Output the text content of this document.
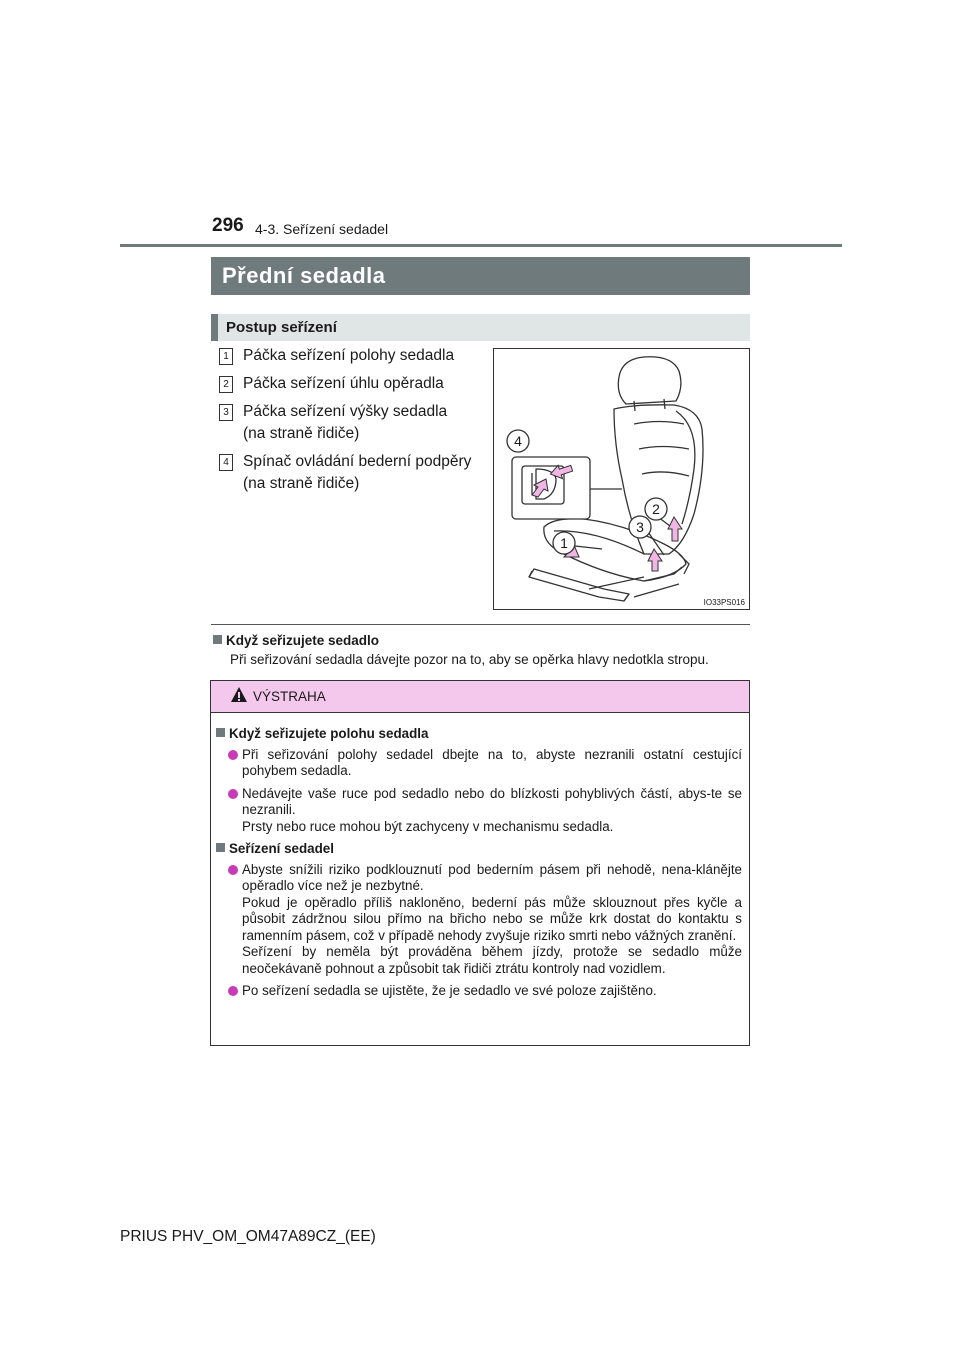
296 4-3. Seřízení sedadel
Přední sedadla
Postup seřízení
1 Páčka seřízení polohy sedadla
2 Páčka seřízení úhlu opěradla
3 Páčka seřízení výšky sedadla
(na straně řidiče)
4 Spínač ovládání bederní podpěry
(na straně řidiče)
4
1
2
3
IO33PS016
Když seřizujete sedadlo
Při seřizování sedadla dávejte pozor na to, aby se opěrka hlavy nedotkla stropu.
VÝSTRAHA
Když seřizujete polohu sedadla
Při seřizování polohy sedadel dbejte na to, abyste nezranili ostatní cestující pohybem sedadla.
Nedávejte vaše ruce pod sedadlo nebo do blízkosti pohyblivých částí, abys-te se nezranili.
Prsty nebo ruce mohou být zachyceny v mechanismu sedadla.
Seřízení sedadel
Abyste snížili riziko podklouznutí pod bederním pásem při nehodě, nena-klánějte opěradlo více než je nezbytné.
Pokud je opěradlo příliš nakloněno, bederní pás může sklouznout přes kyčle a působit zádržnou silou přímo na břicho nebo se může krk dostat do kontaktu s ramenním pásem, což v případě nehody zvyšuje riziko smrti nebo vážných zranění.
Seřízení by neměla být prováděna během jízdy, protože se sedadlo může neočekávaně pohnout a způsobit tak řidiči ztrátu kontroly nad vozidlem.
Po seřízení sedadla se ujistěte, že je sedadlo ve své poloze zajištěno.
PRIUS PHV_OM_OM47A89CZ_(EE)
